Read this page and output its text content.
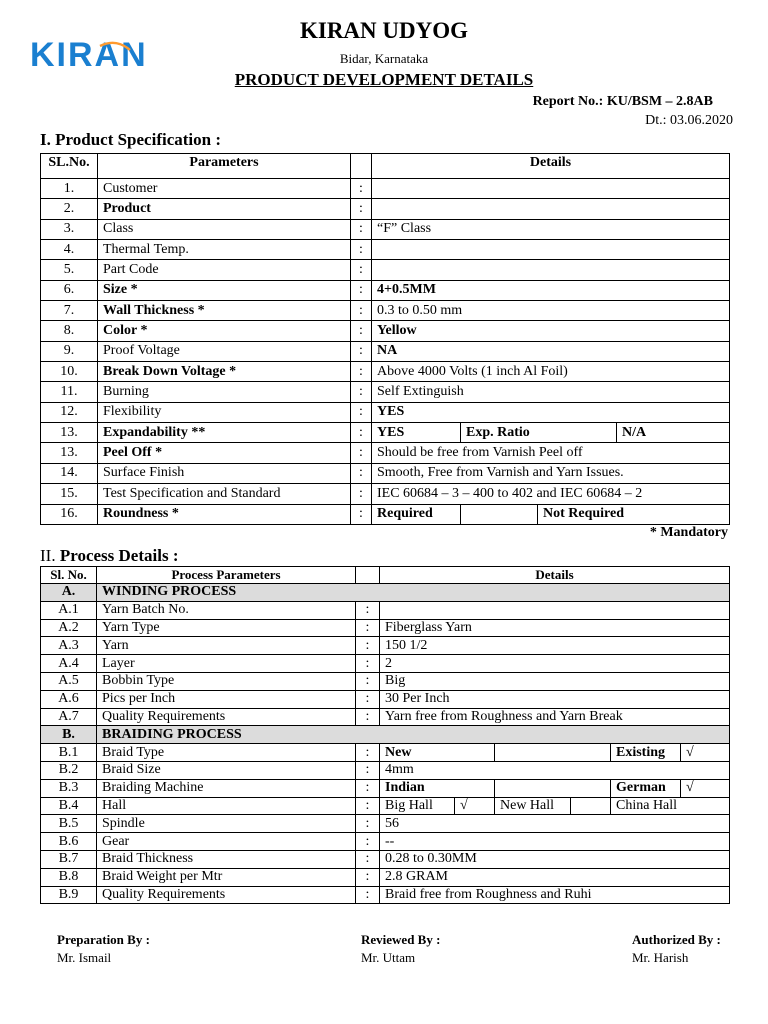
KIRAN
KIRAN UDYOG
Bidar, Karnataka
PRODUCT DEVELOPMENT DETAILS
Report No.: KU/BSM – 2.8AB
Dt.: 03.06.2020
I. Product Specification :
SL.No.	Parameters		Details			
1.	Customer	:				
2.	Product	:				
3.	Class	:	“F” Class			
4.	Thermal Temp.	:				
5.	Part Code	:				
6.	Size *	:	4+0.5MM			
7.	Wall Thickness *	:	0.3 to 0.50 mm			
8.	Color *	:	Yellow			
9.	Proof Voltage	:	NA			
10.	Break Down Voltage *	:	Above 4000 Volts (1 inch Al Foil)			
11.	Burning	:	Self Extinguish			
12.	Flexibility	:	YES			
13.	Expandability **	:	YES	Exp. Ratio		N/A
13.	Peel Off *	:	Should be free from Varnish Peel off			
14.	Surface Finish	:	Smooth, Free from Varnish and Yarn Issues.			
15.	Test Specification and Standard	:	IEC 60684 – 3 – 400 to 402 and IEC 60684 – 2			
16.	Roundness *	:	Required		Not Required	
* Mandatory
II. Process Details :
Sl. No.	Process Parameters		Details						
A.	WINDING PROCESS								
A.1	Yarn Batch No.	:							
A.2	Yarn Type	:	Fiberglass Yarn						
A.3	Yarn	:	150 1/2						
A.4	Layer	:	2						
A.5	Bobbin Type	:	Big						
A.6	Pics per Inch	:	30 Per Inch						
A.7	Quality Requirements	:	Yarn free from Roughness and Yarn Break						
B.	BRAIDING PROCESS								
B.1	Braid Type	:	New				Existing	√	
B.2	Braid Size	:	4mm						
B.3	Braiding Machine	:	Indian				German	√	
B.4	Hall	:	Big Hall	√	New Hall		China Hall		
B.5	Spindle	:	56						
B.6	Gear	:	--						
B.7	Braid Thickness	:	0.28 to 0.30MM						
B.8	Braid Weight per Mtr	:	2.8 GRAM						
B.9	Quality Requirements	:	Braid free from Roughness and Ruhi						
Preparation By :
Mr. Ismail
Reviewed By :
Mr. Uttam
Authorized By :
Mr. Harish
